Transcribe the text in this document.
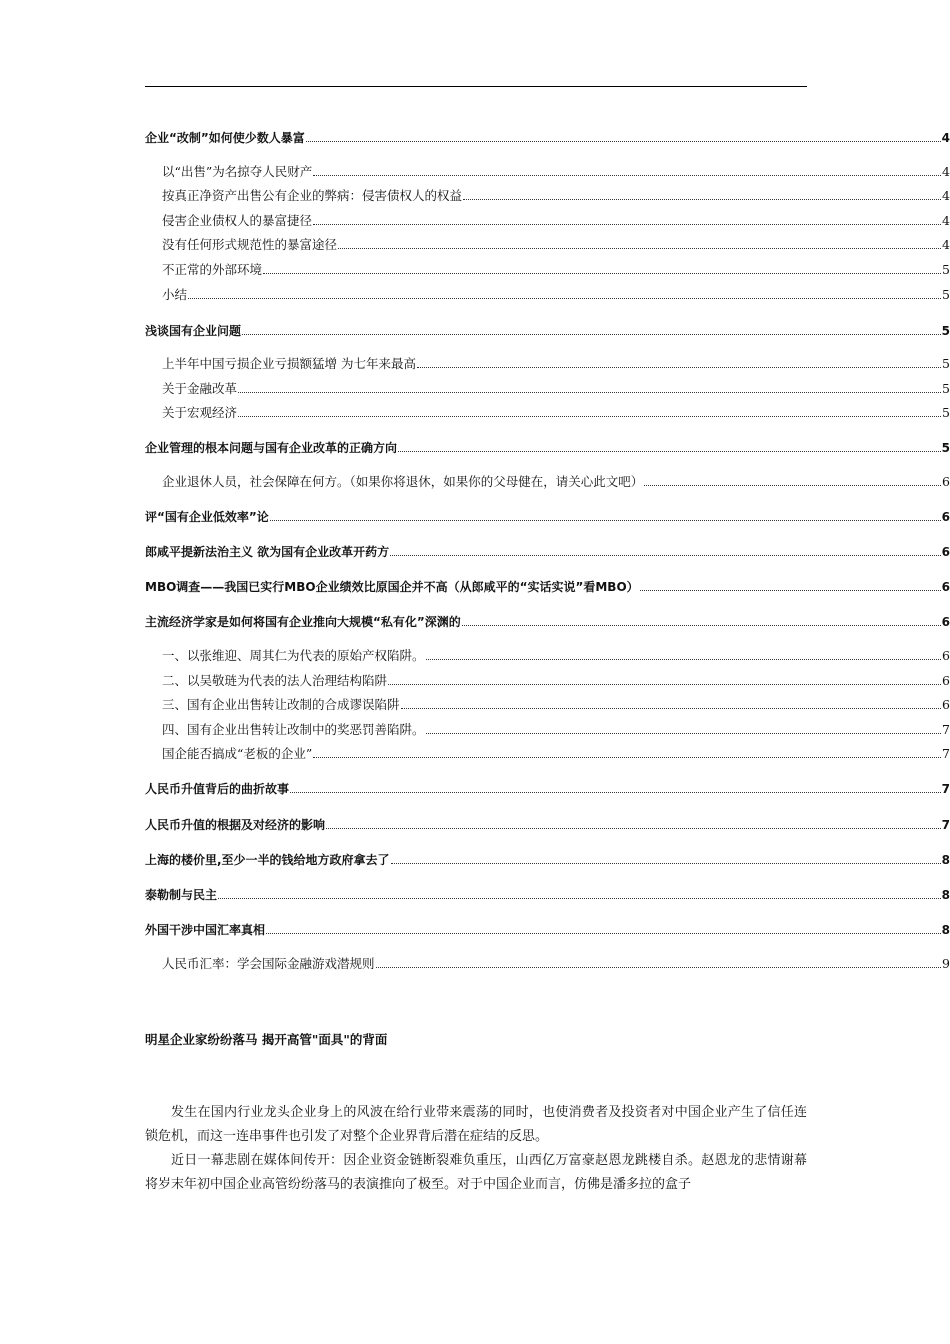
企业“改制”如何使少数人暴富	4
以“出售”为名掠夺人民财产	4
按真正净资产出售公有企业的弊病：侵害债权人的权益	4
侵害企业债权人的暴富捷径	4
没有任何形式规范性的暴富途径	4
不正常的外部环境	5
小结	5
浅谈国有企业问题	5
上半年中国亏损企业亏损额猛增 为七年来最高	5
关于金融改革	5
关于宏观经济	5
企业管理的根本问题与国有企业改革的正确方向	5
企业退休人员，社会保障在何方。（如果你将退休，如果你的父母健在，请关心此文吧）	6
评“国有企业低效率”论	6
郎咸平提新法治主义 欲为国有企业改革开药方	6
MBO调查——我国已实行MBO企业绩效比原国企并不高（从郎咸平的“实话实说”看MBO）	6
主流经济学家是如何将国有企业推向大规模“私有化”深渊的	6
一、以张维迎、周其仁为代表的原始产权陷阱。	6
二、以吴敬琏为代表的法人治理结构陷阱	6
三、国有企业出售转让改制的合成谬误陷阱	6
四、国有企业出售转让改制中的奖恶罚善陷阱。	7
国企能否搞成“老板的企业”	7
人民币升值背后的曲折故事	7
人民币升值的根据及对经济的影响	7
上海的楼价里,至少一半的钱给地方政府拿去了	8
泰勒制与民主	8
外国干涉中国汇率真相	8
人民币汇率：学会国际金融游戏潜规则	9
明星企业家纷纷落马 揭开高管"面具"的背面
发生在国内行业龙头企业身上的风波在给行业带来震荡的同时，也使消费者及投资者对中国企业产生了信任连锁危机，而这一连串事件也引发了对整个企业界背后潜在症结的反思。
近日一幕悲剧在媒体间传开：因企业资金链断裂难负重压，山西亿万富豪赵恩龙跳楼自杀。赵恩龙的悲情谢幕将岁末年初中国企业高管纷纷落马的表演推向了极至。对于中国企业而言，仿佛是潘多拉的盒子
